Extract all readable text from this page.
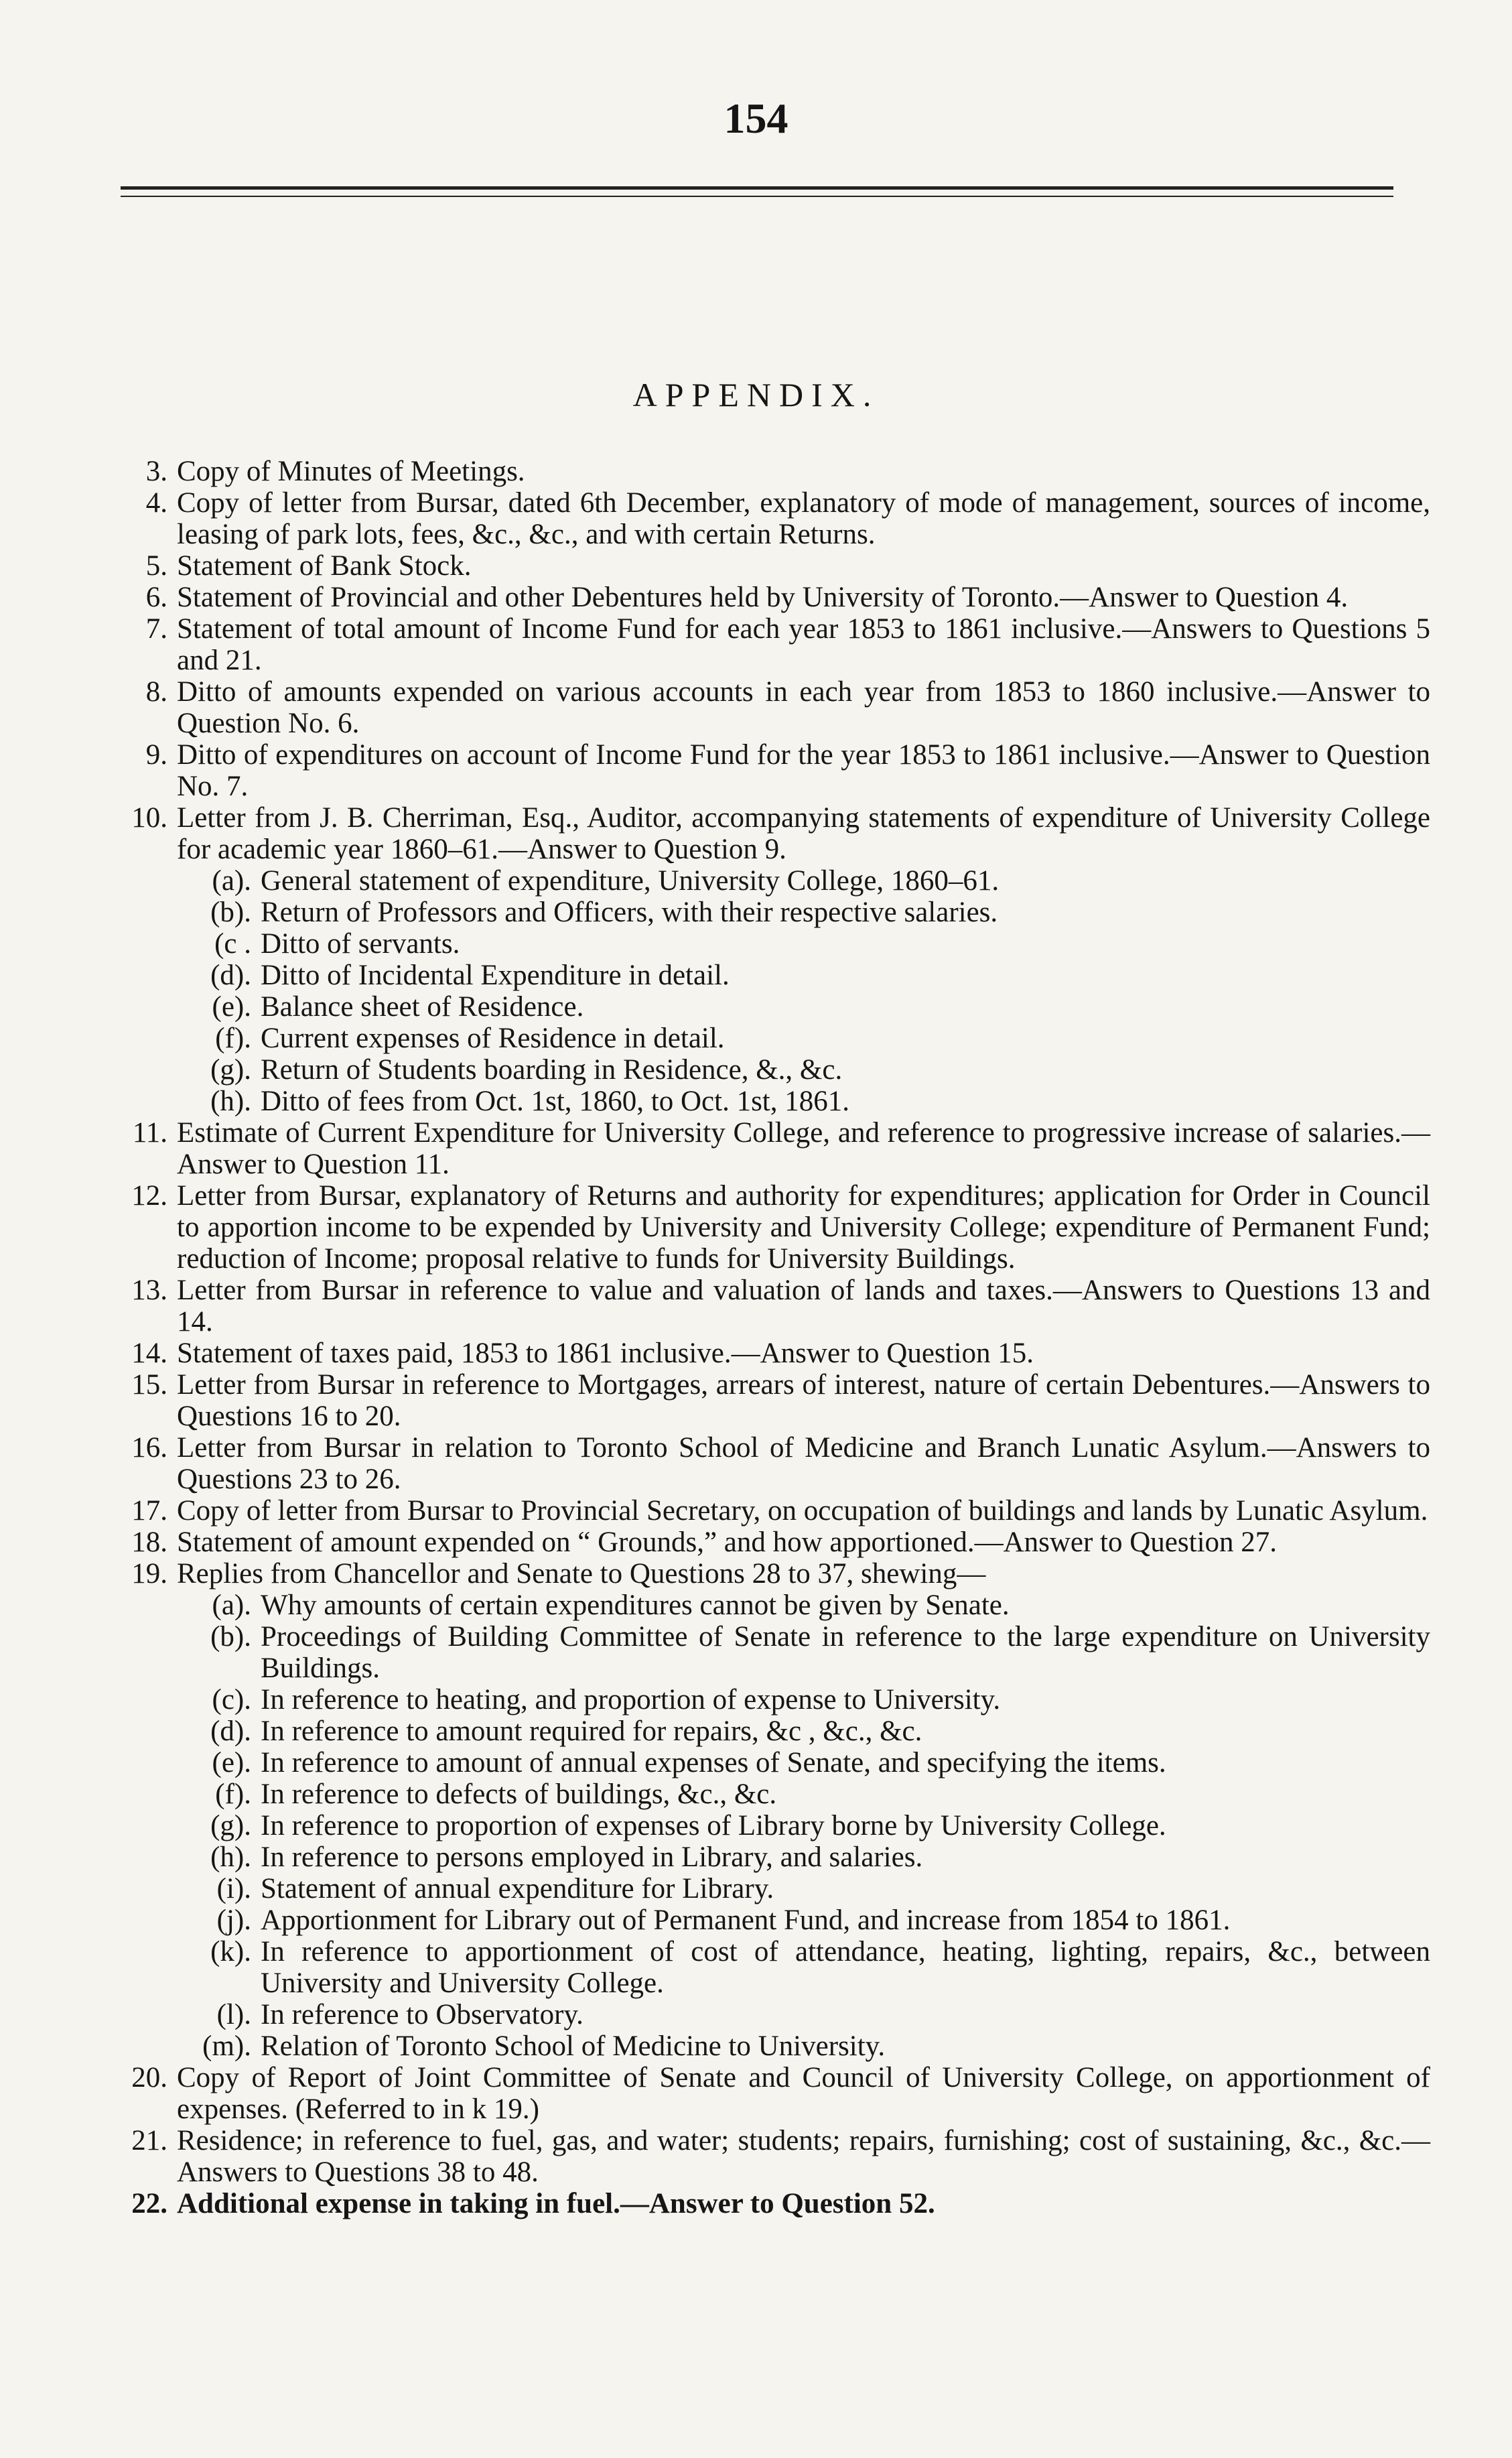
154
APPENDIX.
3. Copy of Minutes of Meetings.
4. Copy of letter from Bursar, dated 6th December, explanatory of mode of management, sources of income, leasing of park lots, fees, &c., &c., and with certain Returns.
5. Statement of Bank Stock.
6. Statement of Provincial and other Debentures held by University of Toronto.—Answer to Question 4.
7. Statement of total amount of Income Fund for each year 1853 to 1861 inclusive.—Answers to Questions 5 and 21.
8. Ditto of amounts expended on various accounts in each year from 1853 to 1860 inclusive.—Answer to Question No. 6.
9. Ditto of expenditures on account of Income Fund for the year 1853 to 1861 inclusive.—Answer to Question No. 7.
10. Letter from J. B. Cherriman, Esq., Auditor, accompanying statements of expenditure of University College for academic year 1860–61.—Answer to Question 9.
(a). General statement of expenditure, University College, 1860–61.
(b). Return of Professors and Officers, with their respective salaries.
(c . Ditto of servants.
(d). Ditto of Incidental Expenditure in detail.
(e). Balance sheet of Residence.
(f). Current expenses of Residence in detail.
(g). Return of Students boarding in Residence, &., &c.
(h). Ditto of fees from Oct. 1st, 1860, to Oct. 1st, 1861.
11. Estimate of Current Expenditure for University College, and reference to progressive increase of salaries.—Answer to Question 11.
12. Letter from Bursar, explanatory of Returns and authority for expenditures; application for Order in Council to apportion income to be expended by University and University College; expenditure of Permanent Fund; reduction of Income; proposal relative to funds for University Buildings.
13. Letter from Bursar in reference to value and valuation of lands and taxes.—Answers to Questions 13 and 14.
14. Statement of taxes paid, 1853 to 1861 inclusive.—Answer to Question 15.
15. Letter from Bursar in reference to Mortgages, arrears of interest, nature of certain Debentures.—Answers to Questions 16 to 20.
16. Letter from Bursar in relation to Toronto School of Medicine and Branch Lunatic Asylum.—Answers to Questions 23 to 26.
17. Copy of letter from Bursar to Provincial Secretary, on occupation of buildings and lands by Lunatic Asylum.
18. Statement of amount expended on “ Grounds,” and how apportioned.—Answer to Question 27.
19. Replies from Chancellor and Senate to Questions 28 to 37, shewing—
(a). Why amounts of certain expenditures cannot be given by Senate.
(b). Proceedings of Building Committee of Senate in reference to the large expenditure on University Buildings.
(c). In reference to heating, and proportion of expense to University.
(d). In reference to amount required for repairs, &c , &c., &c.
(e). In reference to amount of annual expenses of Senate, and specifying the items.
(f). In reference to defects of buildings, &c., &c.
(g). In reference to proportion of expenses of Library borne by University College.
(h). In reference to persons employed in Library, and salaries.
(i). Statement of annual expenditure for Library.
(j). Apportionment for Library out of Permanent Fund, and increase from 1854 to 1861.
(k). In reference to apportionment of cost of attendance, heating, lighting, repairs, &c., between University and University College.
(l). In reference to Observatory.
(m). Relation of Toronto School of Medicine to University.
20. Copy of Report of Joint Committee of Senate and Council of University College, on apportionment of expenses. (Referred to in k 19.)
21. Residence; in reference to fuel, gas, and water; students; repairs, furnishing; cost of sustaining, &c., &c.—Answers to Questions 38 to 48.
22. Additional expense in taking in fuel.—Answer to Question 52.
